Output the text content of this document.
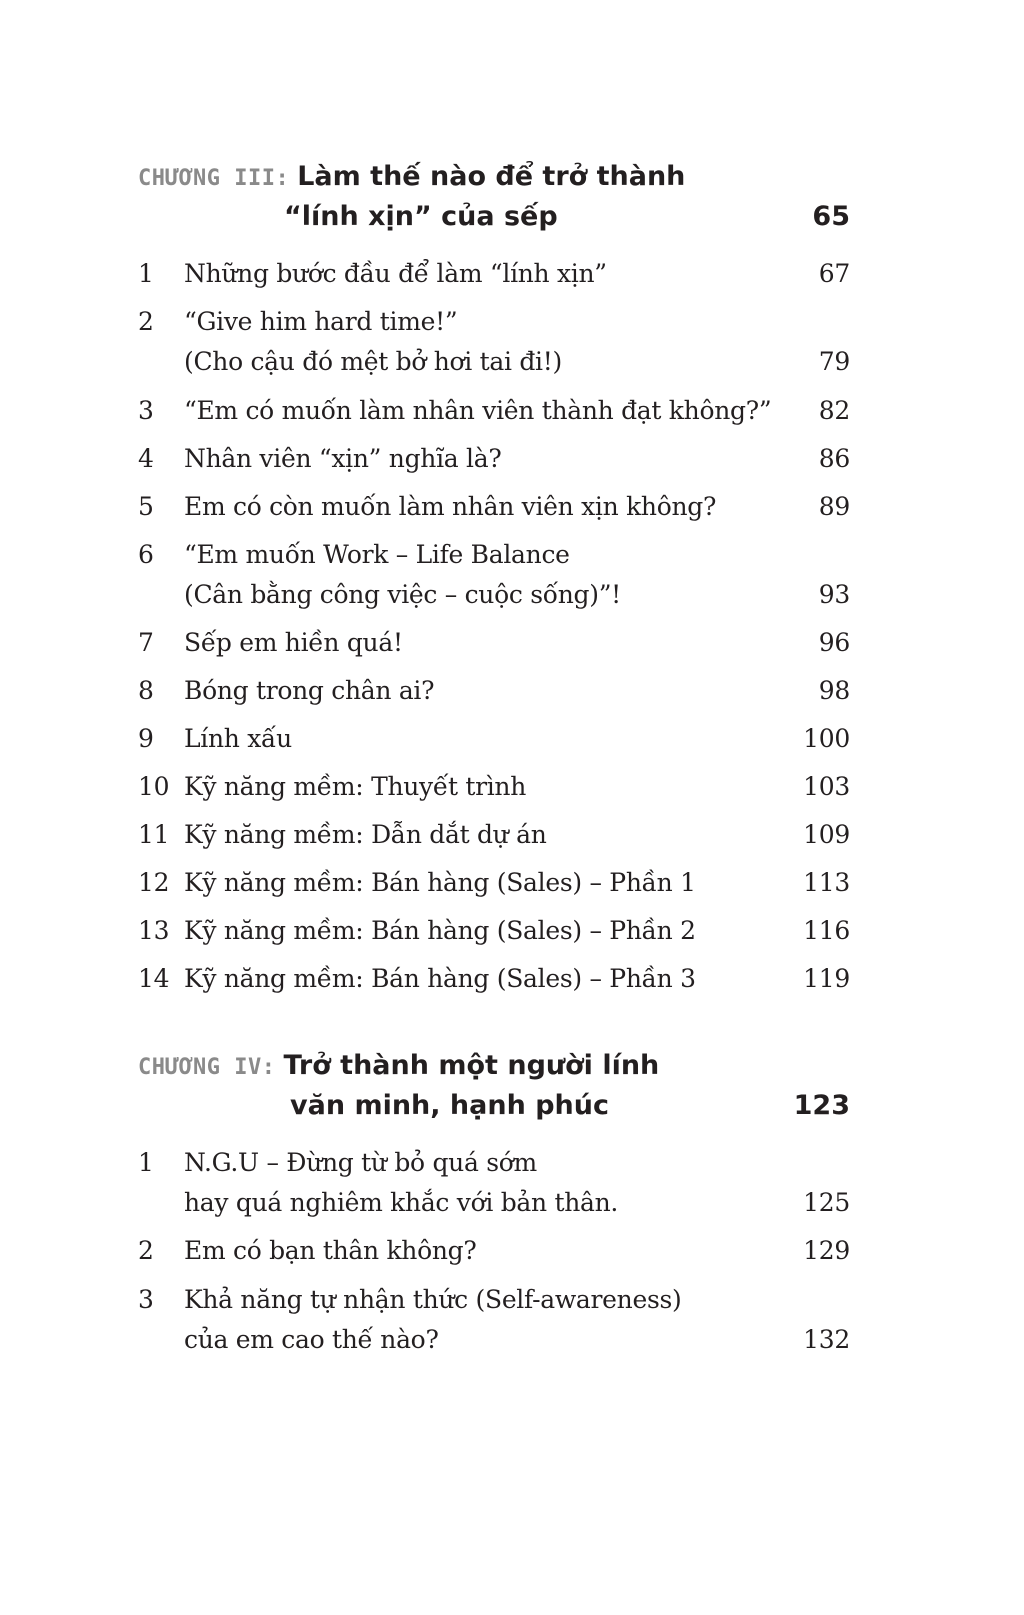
CHƯƠNG III: Làm thế nào để trở thành
“lính xịn” của sếp	65
1 Những bước đầu để làm “lính xịn”	67
2 “Give him hard time!”
(Cho cậu đó mệt bở hơi tai đi!)	79
3 “Em có muốn làm nhân viên thành đạt không?” 82
4 Nhân viên “xịn” nghĩa là?	86
5 Em có còn muốn làm nhân viên xịn không?	89
6 “Em muốn Work – Life Balance
(Cân bằng công việc – cuộc sống)”!	93
7 Sếp em hiền quá!	96
8 Bóng trong chân ai?	98
9 Lính xấu	100
10 Kỹ năng mềm: Thuyết trình	103
11 Kỹ năng mềm: Dẫn dắt dự án	109
12 Kỹ năng mềm: Bán hàng (Sales) – Phần 1	113
13 Kỹ năng mềm: Bán hàng (Sales) – Phần 2	116
14 Kỹ năng mềm: Bán hàng (Sales) – Phần 3	119
CHƯƠNG IV: Trở thành một người lính
văn minh, hạnh phúc	123
1 N.G.U – Đừng từ bỏ quá sớm
hay quá nghiêm khắc với bản thân.	125
2 Em có bạn thân không?	129
3 Khả năng tự nhận thức (Self-awareness)
của em cao thế nào?	132
